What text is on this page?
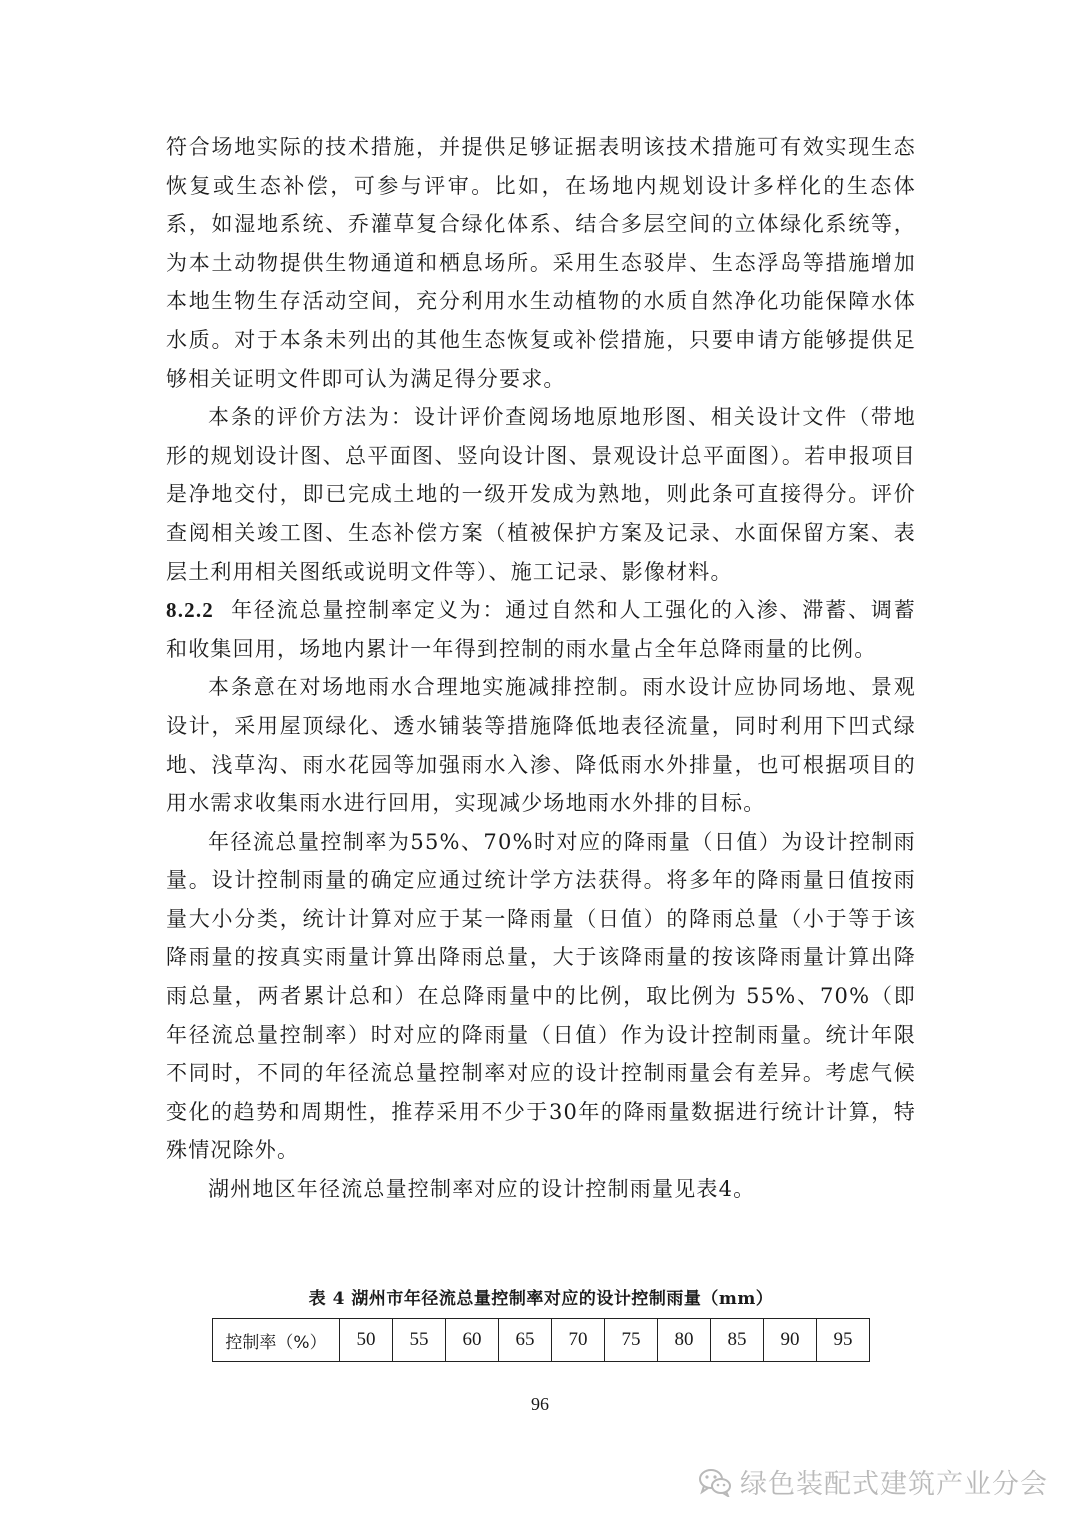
符合场地实际的技术措施，并提供足够证据表明该技术措施可有效实现生态恢复或生态补偿，可参与评审。比如，在场地内规划设计多样化的生态体系，如湿地系统、乔灌草复合绿化体系、结合多层空间的立体绿化系统等，为本土动物提供生物通道和栖息场所。采用生态驳岸、生态浮岛等措施增加本地生物生存活动空间，充分利用水生动植物的水质自然净化功能保障水体水质。对于本条未列出的其他生态恢复或补偿措施，只要申请方能够提供足够相关证明文件即可认为满足得分要求。

本条的评价方法为：设计评价查阅场地原地形图、相关设计文件（带地形的规划设计图、总平面图、竖向设计图、景观设计总平面图）。若申报项目是净地交付，即已完成土地的一级开发成为熟地，则此条可直接得分。评价查阅相关竣工图、生态补偿方案（植被保护方案及记录、水面保留方案、表层土利用相关图纸或说明文件等）、施工记录、影像材料。

8.2.2 年径流总量控制率定义为：通过自然和人工强化的入渗、滞蓄、调蓄和收集回用，场地内累计一年得到控制的雨水量占全年总降雨量的比例。

本条意在对场地雨水合理地实施减排控制。雨水设计应协同场地、景观设计，采用屋顶绿化、透水铺装等措施降低地表径流量，同时利用下凹式绿地、浅草沟、雨水花园等加强雨水入渗、降低雨水外排量，也可根据项目的用水需求收集雨水进行回用，实现减少场地雨水外排的目标。

年径流总量控制率为55%、70%时对应的降雨量（日值）为设计控制雨量。设计控制雨量的确定应通过统计学方法获得。将多年的降雨量日值按雨量大小分类，统计计算对应于某一降雨量（日值）的降雨总量（小于等于该降雨量的按真实雨量计算出降雨总量，大于该降雨量的按该降雨量计算出降雨总量，两者累计总和）在总降雨量中的比例，取比例为 55%、70%（即年径流总量控制率）时对应的降雨量（日值）作为设计控制雨量。统计年限不同时，不同的年径流总量控制率对应的设计控制雨量会有差异。考虑气候变化的趋势和周期性，推荐采用不少于30年的降雨量数据进行统计计算，特殊情况除外。

湖州地区年径流总量控制率对应的设计控制雨量见表4。

表 4 湖州市年径流总量控制率对应的设计控制雨量（mm）
控制率（%）	50	55	60	65	70	75	80	85	90	95
96
绿色装配式建筑产业分会
